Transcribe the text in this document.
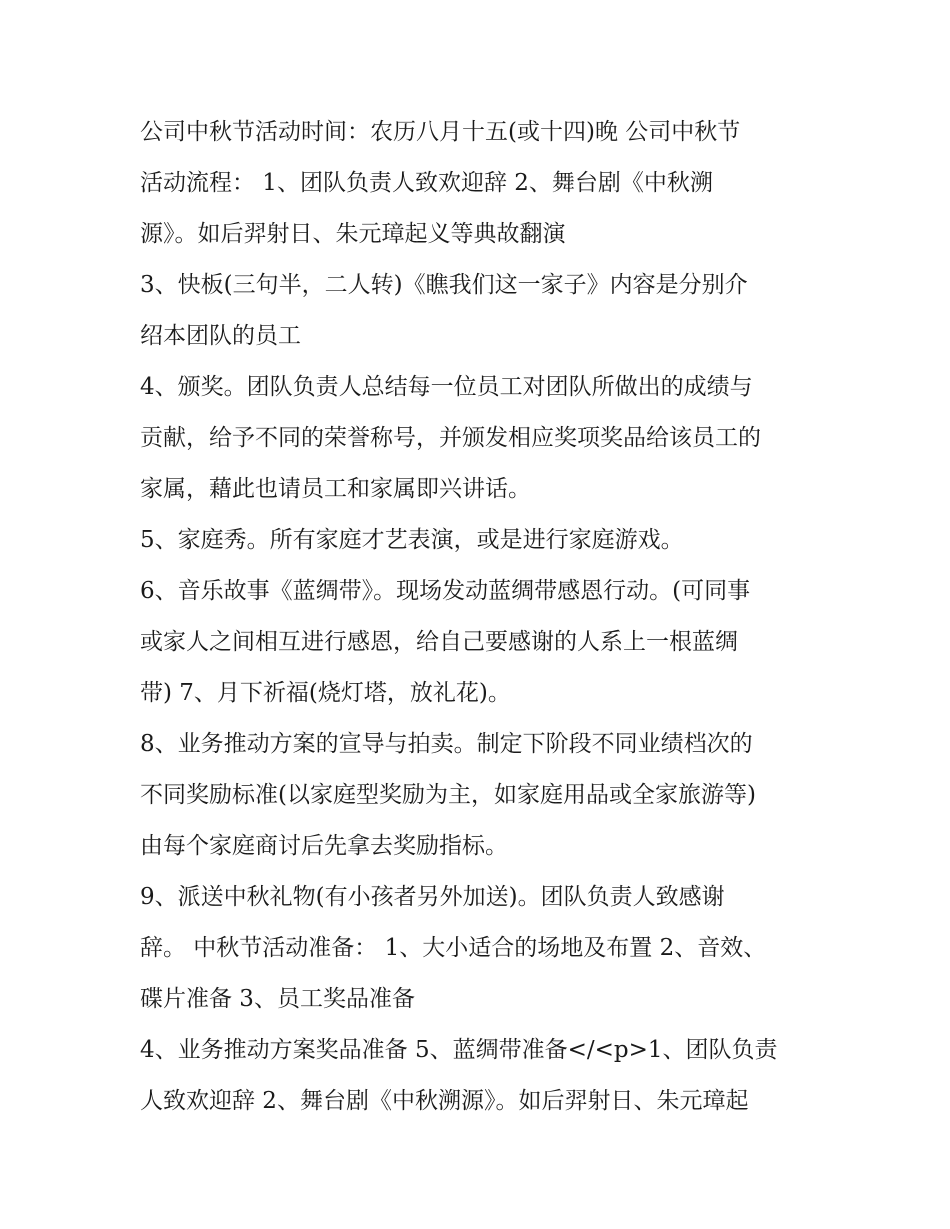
公司中秋节活动时间：农历八月十五(或十四)晚 公司中秋节
活动流程： 1、团队负责人致欢迎辞 2、舞台剧《中秋溯
源》。如后羿射日、朱元璋起义等典故翻演
3、快板(三句半，二人转)《瞧我们这一家子》内容是分别介
绍本团队的员工
4、颁奖。团队负责人总结每一位员工对团队所做出的成绩与
贡献，给予不同的荣誉称号，并颁发相应奖项奖品给该员工的
家属，藉此也请员工和家属即兴讲话。
5、家庭秀。所有家庭才艺表演，或是进行家庭游戏。
6、音乐故事《蓝绸带》。现场发动蓝绸带感恩行动。(可同事
或家人之间相互进行感恩，给自己要感谢的人系上一根蓝绸
带) 7、月下祈福(烧灯塔，放礼花)。
8、业务推动方案的宣导与拍卖。制定下阶段不同业绩档次的
不同奖励标准(以家庭型奖励为主，如家庭用品或全家旅游等)
由每个家庭商讨后先拿去奖励指标。
9、派送中秋礼物(有小孩者另外加送)。团队负责人致感谢
辞。 中秋节活动准备： 1、大小适合的场地及布置 2、音效、
碟片准备 3、员工奖品准备
4、业务推动方案奖品准备 5、蓝绸带准备</<p>1、团队负责
人致欢迎辞 2、舞台剧《中秋溯源》。如后羿射日、朱元璋起
